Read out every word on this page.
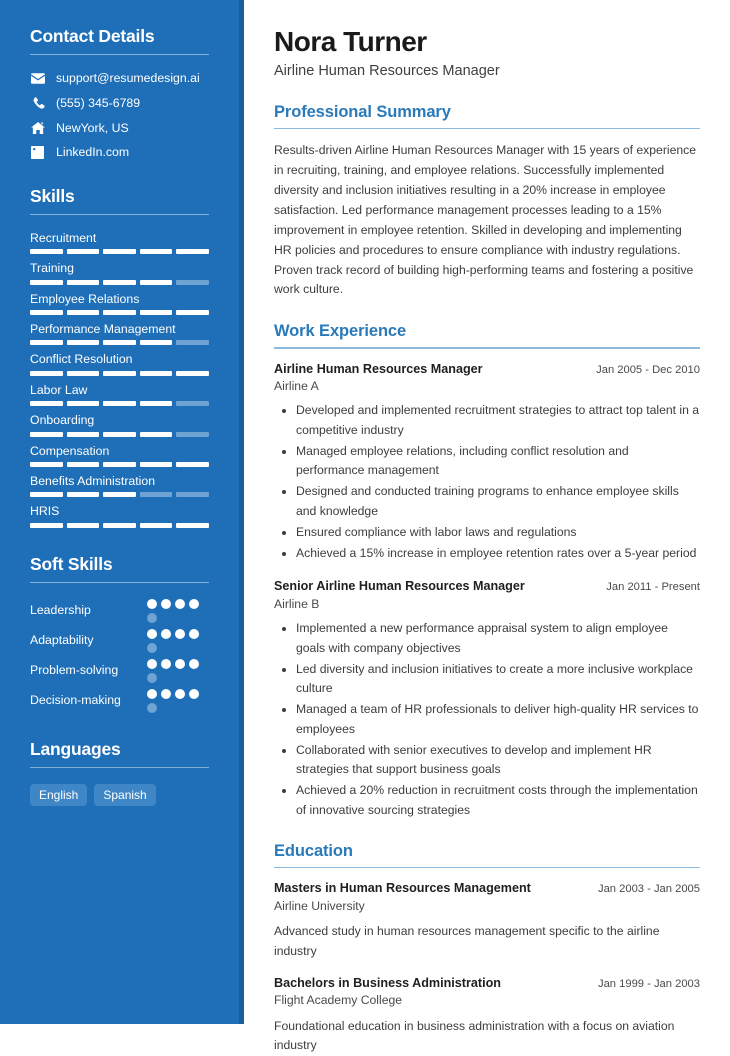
Contact Details
support@resumedesign.ai
(555) 345-6789
NewYork, US
LinkedIn.com
Skills
Recruitment
Training
Employee Relations
Performance Management
Conflict Resolution
Labor Law
Onboarding
Compensation
Benefits Administration
HRIS
Soft Skills
Leadership
Adaptability
Problem-solving
Decision-making
Languages
English	Spanish
Nora Turner
Airline Human Resources Manager
Professional Summary

Results-driven Airline Human Resources Manager with 15 years of experience in recruiting, training, and employee relations. Successfully implemented diversity and inclusion initiatives resulting in a 20% increase in employee satisfaction. Led performance management processes leading to a 15% improvement in employee retention. Skilled in developing and implementing HR policies and procedures to ensure compliance with industry regulations. Proven track record of building high-performing teams and fostering a positive work culture.

Work Experience
Airline Human Resources Manager	Jan 2005 - Dec 2010
Airline A
• Developed and implemented recruitment strategies to attract top talent in a competitive industry
• Managed employee relations, including conflict resolution and performance management
• Designed and conducted training programs to enhance employee skills and knowledge
• Ensured compliance with labor laws and regulations
• Achieved a 15% increase in employee retention rates over a 5-year period
Senior Airline Human Resources Manager	Jan 2011 - Present
Airline B
• Implemented a new performance appraisal system to align employee goals with company objectives
• Led diversity and inclusion initiatives to create a more inclusive workplace culture
• Managed a team of HR professionals to deliver high-quality HR services to employees
• Collaborated with senior executives to develop and implement HR strategies that support business goals
• Achieved a 20% reduction in recruitment costs through the implementation of innovative sourcing strategies
Education
Masters in Human Resources Management	Jan 2003 - Jan 2005
Airline University
Advanced study in human resources management specific to the airline industry
Bachelors in Business Administration	Jan 1999 - Jan 2003
Flight Academy College
Foundational education in business administration with a focus on aviation industry
